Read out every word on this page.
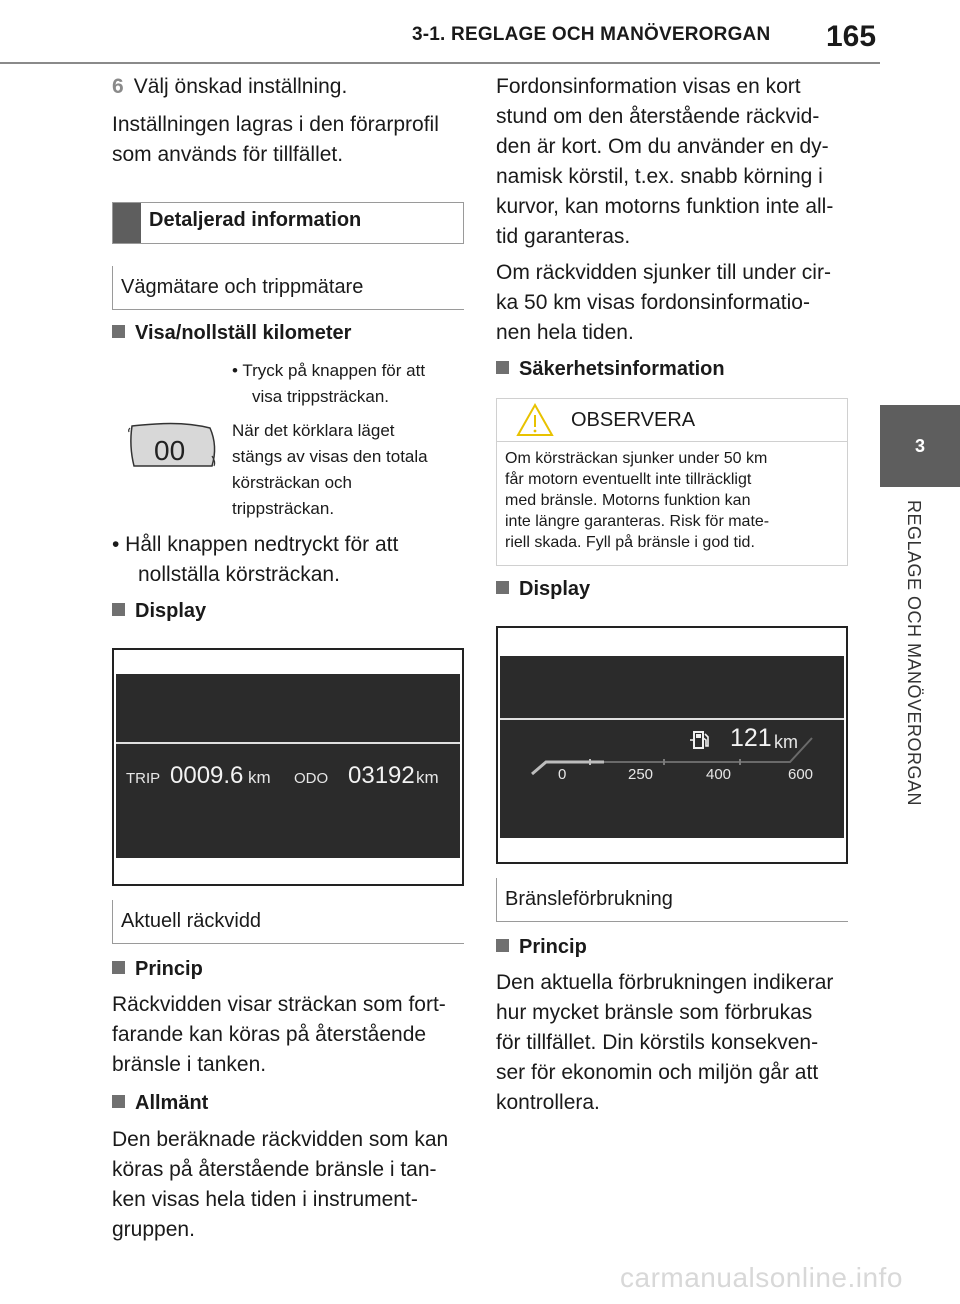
3-1. REGLAGE OCH MANÖVERORGAN 165
3
REGLAGE OCH MANÖVERORGAN
6 Välj önskad inställning.
Inställningen lagras i den förarprofil
som används för tillfället.
Detaljerad information
Vägmätare och trippmätare
Visa/nollställ kilometer
00
• Tryck på knappen för att
visa trippsträckan.
När det körklara läget
stängs av visas den totala
körsträckan och
trippsträckan.
• Håll knappen nedtryckt för att
nollställa körsträckan.
Display
TRIP 0009.6 km ODO 03192 km
Aktuell räckvidd
Princip
Räckvidden visar sträckan som fort-
farande kan köras på återstående
bränsle i tanken.
Allmänt
Den beräknade räckvidden som kan
köras på återstående bränsle i tan-
ken visas hela tiden i instrument-
gruppen.
Fordonsinformation visas en kort
stund om den återstående räckvid-
den är kort. Om du använder en dy-
namisk körstil, t.ex. snabb körning i
kurvor, kan motorns funktion inte all-
tid garanteras.
Om räckvidden sjunker till under cir-
ka 50 km visas fordonsinformatio-
nen hela tiden.
Säkerhetsinformation
OBSERVERA
Om körsträckan sjunker under 50 km
får motorn eventuellt inte tillräckligt
med bränsle. Motorns funktion kan
inte längre garanteras. Risk för mate-
riell skada. Fyll på bränsle i god tid.
Display
121 km
0	250	400	600
Bränsleförbrukning
Princip
Den aktuella förbrukningen indikerar
hur mycket bränsle som förbrukas
för tillfället. Din körstils konsekven-
ser för ekonomin och miljön går att
kontrollera.
carmanualsonline.info
